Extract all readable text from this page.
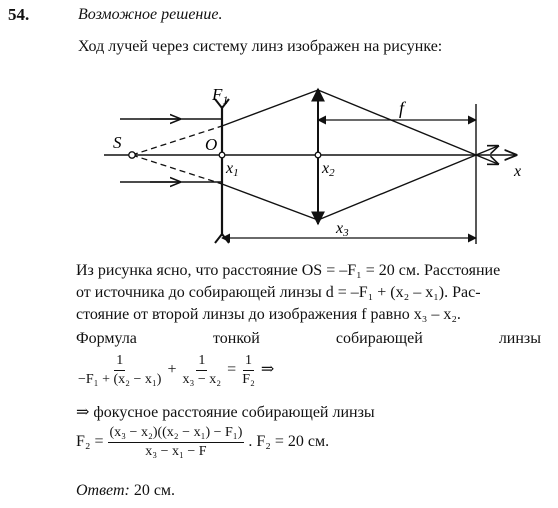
54.	Возможное решение.
Ход лучей через систему линз изображен на рисунке:
$F_1$	f
S	O
x1	x2
x3
x
Из рисунка ясно, что расстояние OS = –F₁ = 20 см. Расстояние
от источника до собирающей линзы d = –F₁ + (x₂ – x₁). Рас-
стояние от второй линзы до изображения f равно x₃ – x₂.
Формула	тонкой	собирающей	линзы
$\frac{1}{\text{−F₁ + (x₂ − x₁)}} + \frac{1}{\text{x₃ − x₂}} = \frac{1}{\text{F₂}}$ ⇒
⇒ фокусное расстояние собирающей линзы
$F_2 = \frac{\text{(x₃ − x₂)((x₂ − x₁) − F₁)}}{\text{x₃ − x₁ − F}}$ . F₂ = 20 см.
Ответ: 20 см.
